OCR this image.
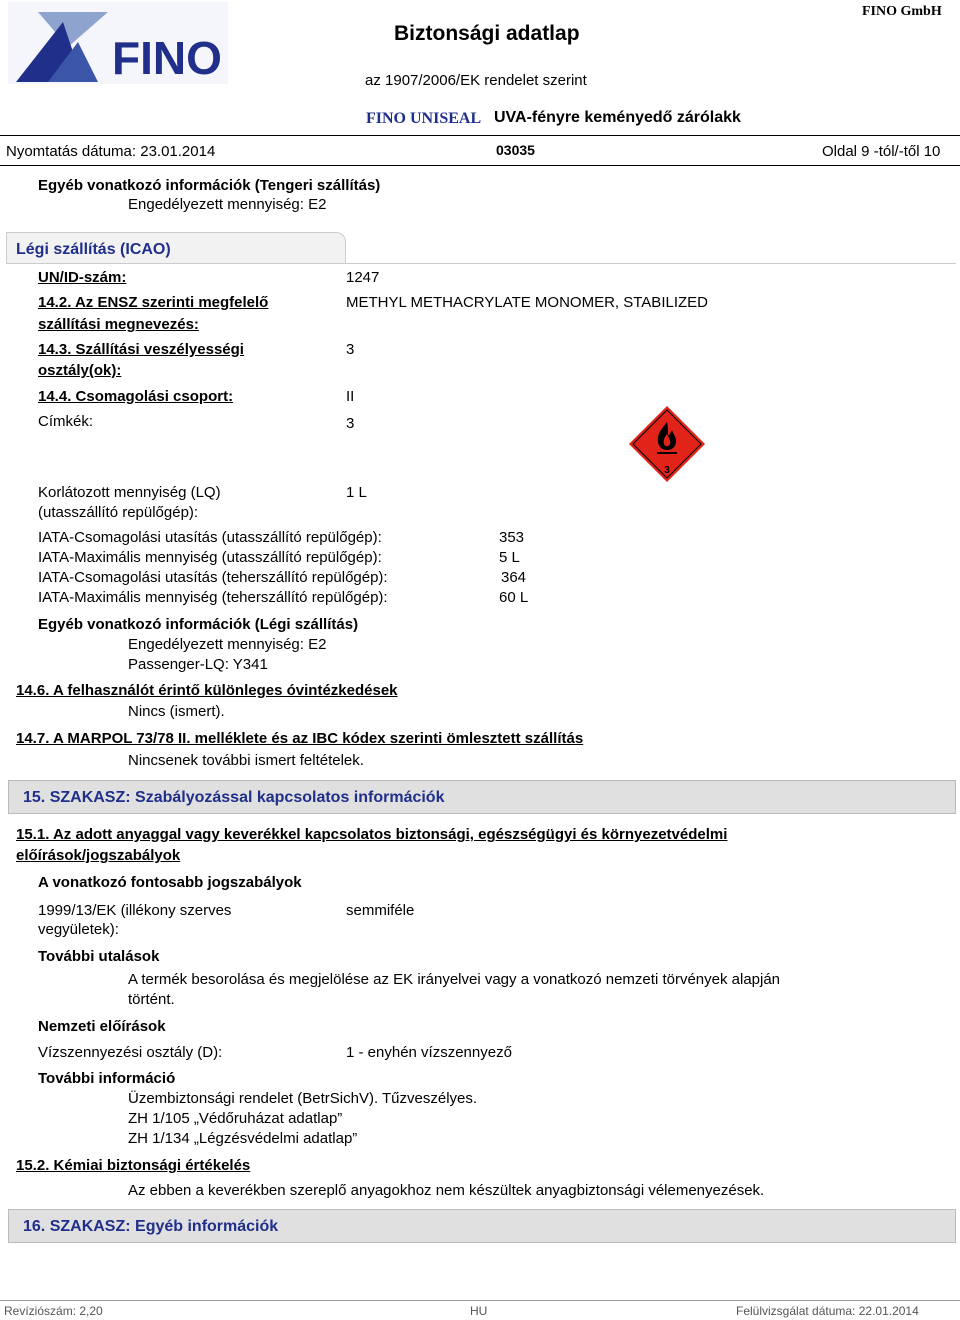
FINO	Biztonsági adatlap
FINO GmbH
az 1907/2006/EK rendelet szerint
FINO UNISEAL UVA-fényre keményedő zárólakk
Nyomtatás dátuma: 23.01.2014	03035	Oldal 9 -tól/-től 10
Egyéb vonatkozó információk (Tengeri szállítás)
Engedélyezett mennyiség: E2
Légi szállítás (ICAO)
UN/ID-szám:	1247
14.2. Az ENSZ szerinti megfelelő
szállítási megnevezés:
METHYL METHACRYLATE MONOMER, STABILIZED
14.3. Szállítási veszélyességi
osztály(ok):
3
14.4. Csomagolási csoport:	II
Címkék:	3
3
Korlátozott mennyiség (LQ)
(utasszállító repülőgép):
1 L
IATA-Csomagolási utasítás (utasszállító repülőgép):	353
IATA-Maximális mennyiség (utasszállító repülőgép):	5 L
IATA-Csomagolási utasítás (teherszállító repülőgép):	364
IATA-Maximális mennyiség (teherszállító repülőgép):	60 L
Egyéb vonatkozó információk (Légi szállítás)
Engedélyezett mennyiség: E2
Passenger-LQ: Y341
14.6. A felhasználót érintő különleges óvintézkedések
Nincs (ismert).
14.7. A MARPOL 73/78 II. melléklete és az IBC kódex szerinti ömlesztett szállítás
Nincsenek további ismert feltételek.
15. SZAKASZ: Szabályozással kapcsolatos információk
15.1. Az adott anyaggal vagy keverékkel kapcsolatos biztonsági, egészségügyi és környezetvédelmi
előírások/jogszabályok
A vonatkozó fontosabb jogszabályok
1999/13/EK (illékony szerves
vegyületek):
semmiféle
További utalások
A termék besorolása és megjelölése az EK irányelvei vagy a vonatkozó nemzeti törvények alapján
történt.
Nemzeti előírások
Vízszennyezési osztály (D):	1 - enyhén vízszennyező
További információ
Üzembiztonsági rendelet (BetrSichV). Tűzveszélyes.
ZH 1/105 „Védőruházat adatlap”
ZH 1/134 „Légzésvédelmi adatlap”
15.2. Kémiai biztonsági értékelés
Az ebben a keverékben szereplő anyagokhoz nem készültek anyagbiztonsági vélemenyezések.
16. SZAKASZ: Egyéb információk
Revíziószám: 2,20	HU	Felülvizsgálat dátuma: 22.01.2014
